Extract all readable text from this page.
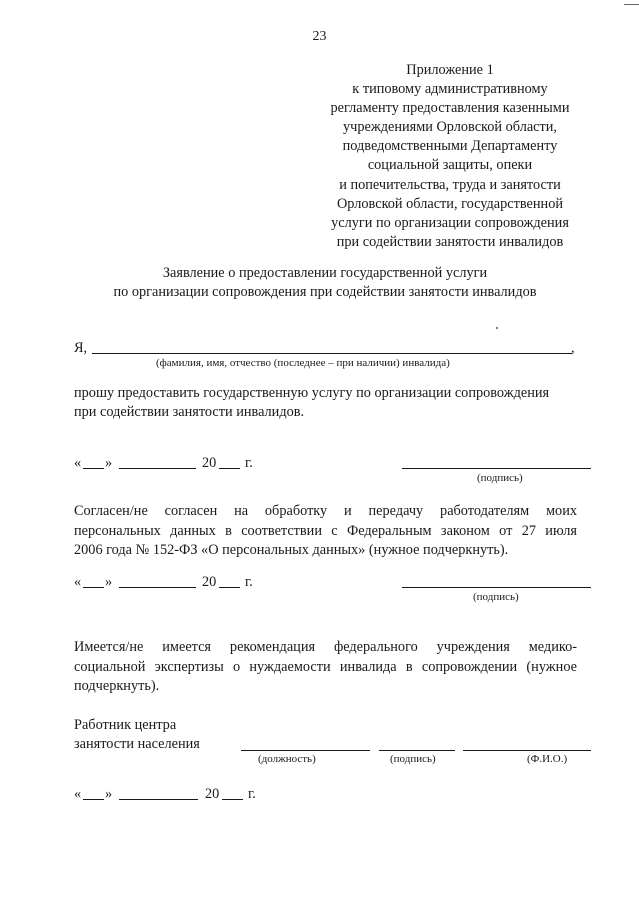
23
Приложение 1
к типовому административному
регламенту предоставления казенными
учреждениями Орловской области,
подведомственными Департаменту
социальной защиты, опеки
и попечительства, труда и занятости
Орловской области, государственной
услуги по организации сопровождения
при содействии занятости инвалидов
Заявление о предоставлении государственной услуги
по организации сопровождения при содействии занятости инвалидов
Я,	,
(фамилия, имя, отчество (последнее – при наличии) инвалида)
прошу предоставить государственную услугу по организации сопровождения
при содействии занятости инвалидов.
« »	20 г.
(подпись)
Согласен/не согласен на обработку и передачу работодателям моих
персональных данных в соответствии с Федеральным законом от 27 июля
2006 года № 152-ФЗ «О персональных данных» (нужное подчеркнуть).
« »	20 г.
(подпись)
Имеется/не имеется рекомендация федерального учреждения медико-
социальной экспертизы о нуждаемости инвалида в сопровождении (нужное
подчеркнуть).
Работник центра
занятости населения
(должность)	(подпись)	(Ф.И.О.)
« »	20 г.
